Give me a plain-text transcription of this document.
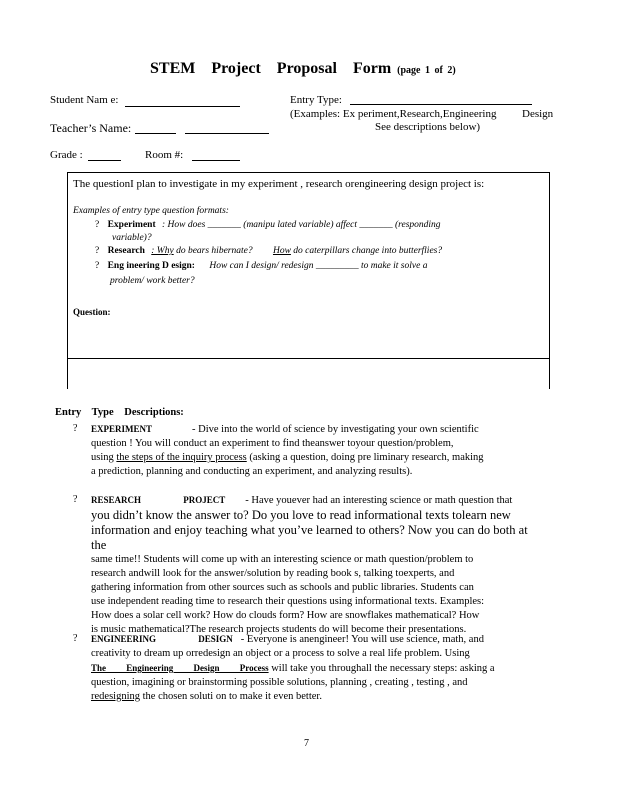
STEM Project Proposal Form (page 1 of 2)
Student Nam e:	Entry Type:
(Examples: Ex periment,Research,Engineering Design
See descriptions below)
Teacher’s Name:
Grade :	Room #:
The questionI plan to investigate in my experiment , research orengineering design project is:
Examples of entry type question formats:
? Experiment : How does _______ (manipu lated variable) affect _______ (responding
variable)?
? Research : Why do bears hibernate? How do caterpillars change into butterflies?
? Eng ineering D esign: How can I design/ redesign _________ to make it solve a
problem/ work better?
Question:
Entry Type Descriptions:
? EXPERIMENT	- Dive into the world of science by investigating your own scientific
question ! You will conduct an experiment to find theanswer toyour question/problem,
using the steps of the inquiry process (asking a question, doing pre liminary research, making
a prediction, planning and conducting an experiment, and analyzing results).
? RESEARCH PROJECT - Have youever had an interesting science or math question that
you didn’t know the answer to? Do you love to read informational texts tolearn new
information and enjoy teaching what you’ve learned to others? Now you can do both at the
same time!! Students will come up with an interesting science or math question/problem to
research andwill look for the answer/solution by reading book s, talking toexperts, and
gathering information from other sources such as schools and public libraries. Students can
use independent reading time to research their questions using informational texts. Examples:
How does a solar cell work? How do clouds form? How are snowflakes mathematical? How
is music mathematical?The research projects students do will become their presentations.
? ENGINEERING DESIGN - Everyone is anengineer! You will use science, math, and
creativity to dream up orredesign an object or a process to solve a real life problem. Using
The Engineering Design Process will take you throughall the necessary steps: asking a
question, imagining or brainstorming possible solutions, planning , creating , testing , and
redesigning the chosen soluti on to make it even better.
7
